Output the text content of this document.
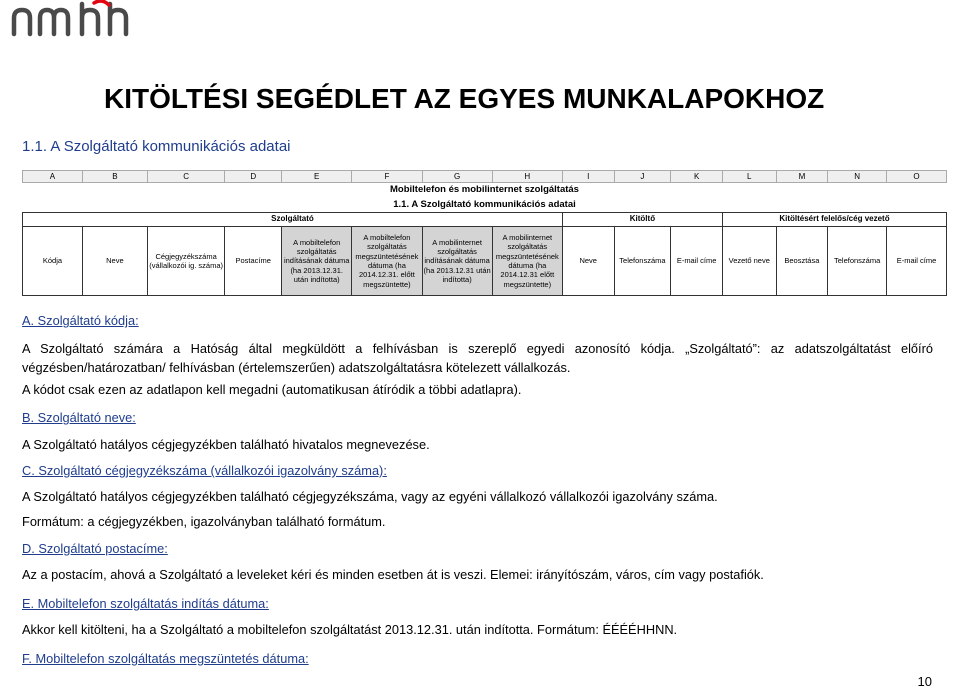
KITÖLTÉSI SEGÉDLET AZ EGYES MUNKALAPOKHOZ
1.1. A Szolgáltató kommunikációs adatai
A	B	C	D	E	F	G	H	I	J	K	L	M	N	O
Mobiltelefon és mobilinternet szolgáltatás														
1.1. A Szolgáltató kommunikációs adatai														
Szolgáltató								Kitöltő			Kitöltésért felelős/cég vezető			
Kódja	Neve	Cégjegyzékszáma (vállalkozói ig. száma)	Postacíme	A mobiltelefon szolgáltatás indításának dátuma (ha 2013.12.31. után indította)	A mobiltelefon szolgáltatás megszüntetésének dátuma (ha 2014.12.31. előtt megszüntette)	A mobilinternet szolgáltatás indításának dátuma (ha 2013.12.31 után indította)	A mobilinternet szolgáltatás megszüntetésének dátuma (ha 2014.12.31 előtt megszüntette)	Neve	Telefonszáma	E-mail címe	Vezető neve	Beosztása	Telefonszáma	E-mail címe
A. Szolgáltató kódja:
A Szolgáltató számára a Hatóság által megküldött a felhívásban is szereplő egyedi azonosító kódja. „Szolgáltató”: az adatszolgáltatást előíró végzésben/határozatban/ felhívásban (értelemszerűen) adatszolgáltatásra kötelezett vállalkozás.
A kódot csak ezen az adatlapon kell megadni (automatikusan átíródik a többi adatlapra).
B. Szolgáltató neve:
A Szolgáltató hatályos cégjegyzékben található hivatalos megnevezése.
C. Szolgáltató cégjegyzékszáma (vállalkozói igazolvány száma):
A Szolgáltató hatályos cégjegyzékben található cégjegyzékszáma, vagy az egyéni vállalkozó vállalkozói igazolvány száma.
Formátum: a cégjegyzékben, igazolványban található formátum.
D. Szolgáltató postacíme:
Az a postacím, ahová a Szolgáltató a leveleket kéri és minden esetben át is veszi. Elemei: irányítószám, város, cím vagy postafiók.
E. Mobiltelefon szolgáltatás indítás dátuma:
Akkor kell kitölteni, ha a Szolgáltató a mobiltelefon szolgáltatást 2013.12.31. után indította. Formátum: ÉÉÉÉHHNN.
F. Mobiltelefon szolgáltatás megszüntetés dátuma:
10
